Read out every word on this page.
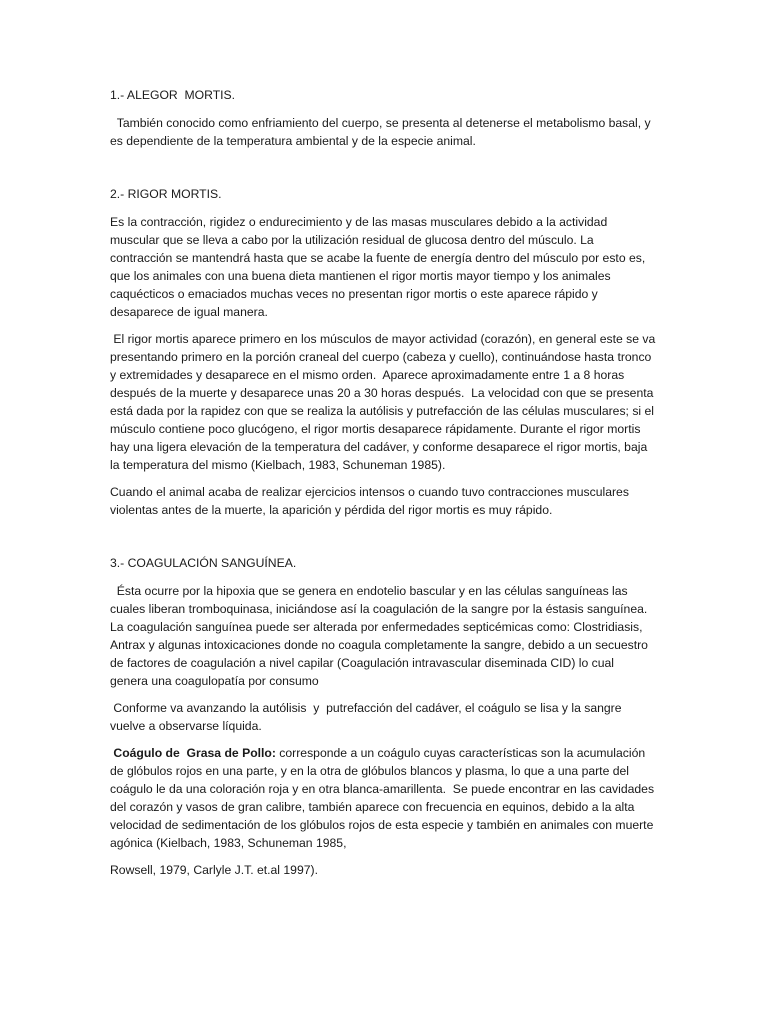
1.- ALEGOR  MORTIS.
También conocido como enfriamiento del cuerpo, se presenta al detenerse el metabolismo basal, y es dependiente de la temperatura ambiental y de la especie animal.
2.- RIGOR MORTIS.
Es la contracción, rigidez o endurecimiento y de las masas musculares debido a la actividad muscular que se lleva a cabo por la utilización residual de glucosa dentro del músculo. La contracción se mantendrá hasta que se acabe la fuente de energía dentro del músculo por esto es, que los animales con una buena dieta mantienen el rigor mortis mayor tiempo y los animales caquécticos o emaciados muchas veces no presentan rigor mortis o este aparece rápido y desaparece de igual manera.
El rigor mortis aparece primero en los músculos de mayor actividad (corazón), en general este se va presentando primero en la porción craneal del cuerpo (cabeza y cuello), continuándose hasta tronco y extremidades y desaparece en el mismo orden.  Aparece aproximadamente entre 1 a 8 horas después de la muerte y desaparece unas 20 a 30 horas después.  La velocidad con que se presenta está dada por la rapidez con que se realiza la autólisis y putrefacción de las células musculares; si el músculo contiene poco glucógeno, el rigor mortis desaparece rápidamente. Durante el rigor mortis hay una ligera elevación de la temperatura del cadáver, y conforme desaparece el rigor mortis, baja la temperatura del mismo (Kielbach, 1983, Schuneman 1985).
Cuando el animal acaba de realizar ejercicios intensos o cuando tuvo contracciones musculares violentas antes de la muerte, la aparición y pérdida del rigor mortis es muy rápido.
3.- COAGULACIÓN SANGUÍNEA.
Ésta ocurre por la hipoxia que se genera en endotelio bascular y en las células sanguíneas las cuales liberan tromboquinasa, iniciándose así la coagulación de la sangre por la éstasis sanguínea.  La coagulación sanguínea puede ser alterada por enfermedades septicémicas como: Clostridiasis, Antrax y algunas intoxicaciones donde no coagula completamente la sangre, debido a un secuestro de factores de coagulación a nivel capilar (Coagulación intravascular diseminada CID) lo cual  genera una coagulopatía por consumo
Conforme va avanzando la autólisis  y  putrefacción del cadáver, el coágulo se lisa y la sangre vuelve a observarse líquida.
Coágulo de  Grasa de Pollo: corresponde a un coágulo cuyas características son la acumulación de glóbulos rojos en una parte, y en la otra de glóbulos blancos y plasma, lo que a una parte del coágulo le da una coloración roja y en otra blanca-amarillenta.  Se puede encontrar en las cavidades del corazón y vasos de gran calibre, también aparece con frecuencia en equinos, debido a la alta velocidad de sedimentación de los glóbulos rojos de esta especie y también en animales con muerte agónica (Kielbach, 1983, Schuneman 1985,
Rowsell, 1979, Carlyle J.T. et.al 1997).
